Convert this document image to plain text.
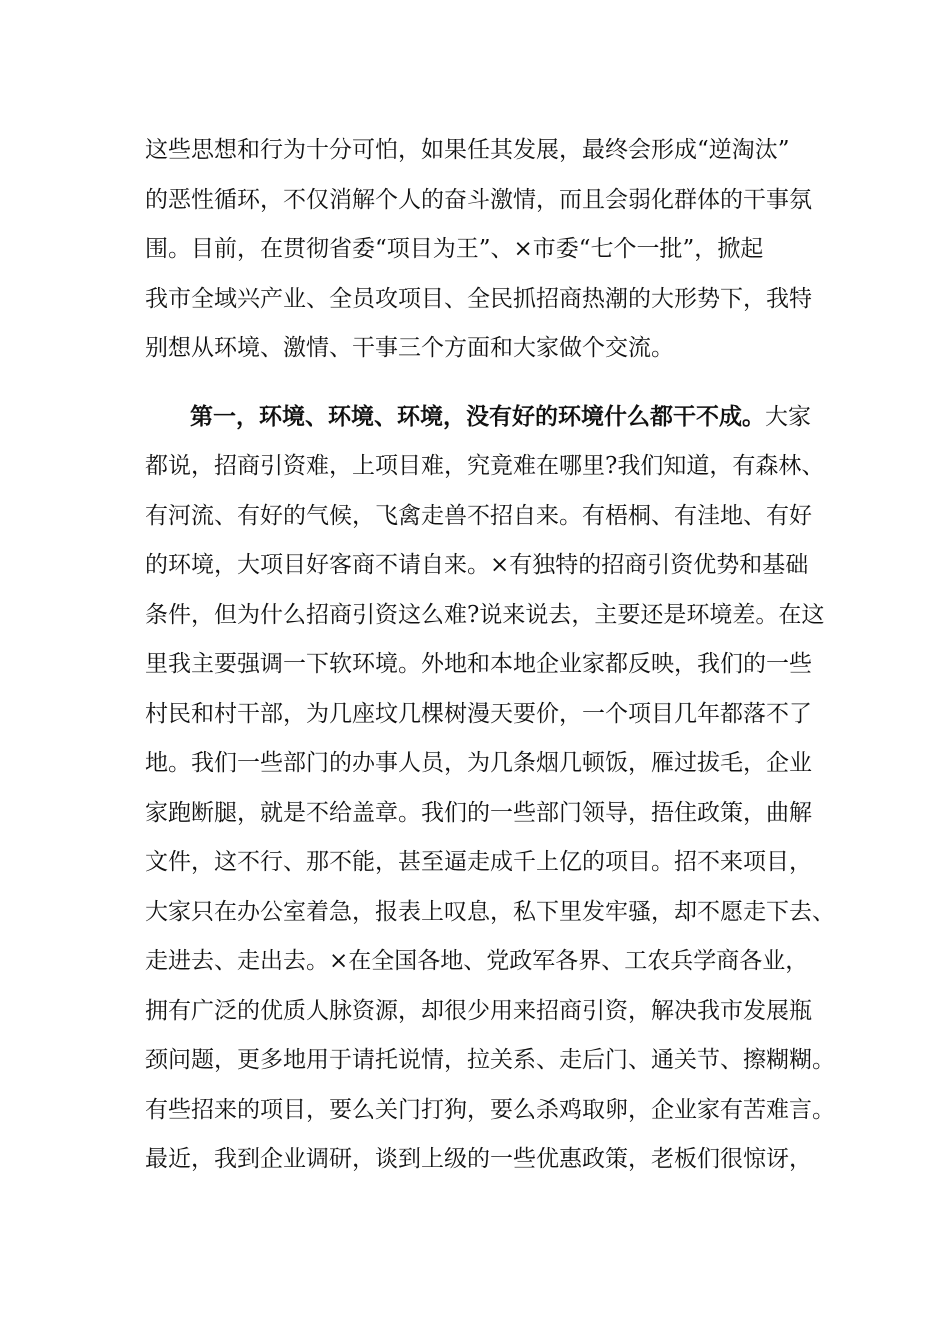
这些思想和行为十分可怕，如果任其发展，最终会形成“逆淘汰”
的恶性循环，不仅消解个人的奋斗激情，而且会弱化群体的干事氛
围。目前，在贯彻省委“项目为王”、×市委“七个一批”，掀起
我市全域兴产业、全员攻项目、全民抓招商热潮的大形势下，我特
别想从环境、激情、干事三个方面和大家做个交流。
第一，环境、环境、环境，没有好的环境什么都干不成。大家
都说，招商引资难，上项目难，究竟难在哪里?我们知道，有森林、
有河流、有好的气候，飞禽走兽不招自来。有梧桐、有洼地、有好
的环境，大项目好客商不请自来。×有独特的招商引资优势和基础
条件，但为什么招商引资这么难?说来说去，主要还是环境差。在这
里我主要强调一下软环境。外地和本地企业家都反映，我们的一些
村民和村干部，为几座坟几棵树漫天要价，一个项目几年都落不了
地。我们一些部门的办事人员，为几条烟几顿饭，雁过拔毛，企业
家跑断腿，就是不给盖章。我们的一些部门领导，捂住政策，曲解
文件，这不行、那不能，甚至逼走成千上亿的项目。招不来项目，
大家只在办公室着急，报表上叹息，私下里发牢骚，却不愿走下去、
走进去、走出去。×在全国各地、党政军各界、工农兵学商各业，
拥有广泛的优质人脉资源，却很少用来招商引资，解决我市发展瓶
颈问题，更多地用于请托说情，拉关系、走后门、通关节、擦糊糊。
有些招来的项目，要么关门打狗，要么杀鸡取卵，企业家有苦难言。
最近，我到企业调研，谈到上级的一些优惠政策，老板们很惊讶，
